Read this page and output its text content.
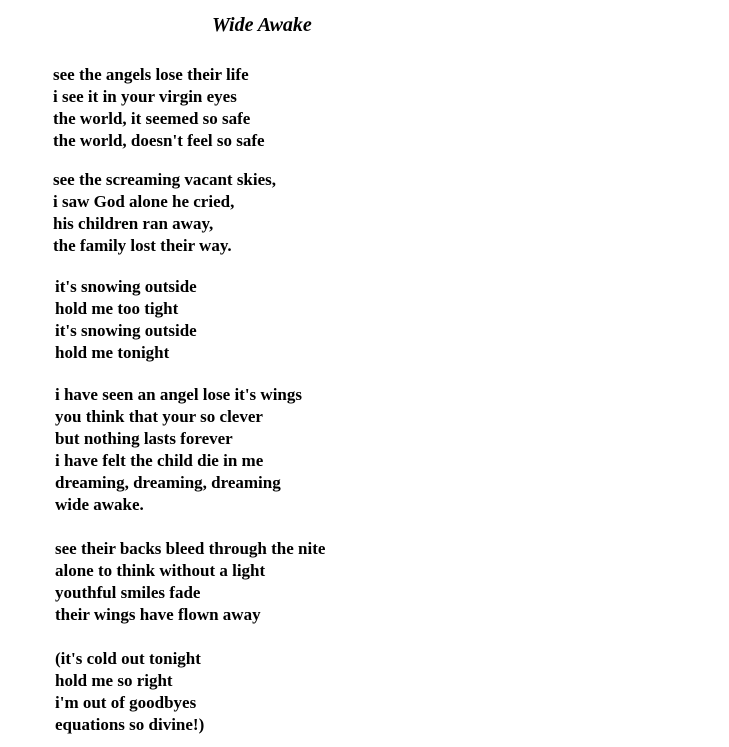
Wide Awake
see the angels lose their life
i see it in your virgin eyes
the world, it seemed so safe
the world, doesn't feel so safe
see the screaming vacant skies,
i saw God alone he cried,
his children ran away,
the family lost their way.
it's snowing outside
hold me too tight
it's snowing outside
hold me tonight
i have seen an angel lose it's wings
you think that your so clever
but nothing lasts forever
i have felt the child die in me
dreaming, dreaming, dreaming
wide awake.
see their backs bleed through the nite
alone to think without a light
youthful smiles fade
their wings have flown away
(it's cold out tonight
hold me so right
i'm out of goodbyes
equations so divine!)
